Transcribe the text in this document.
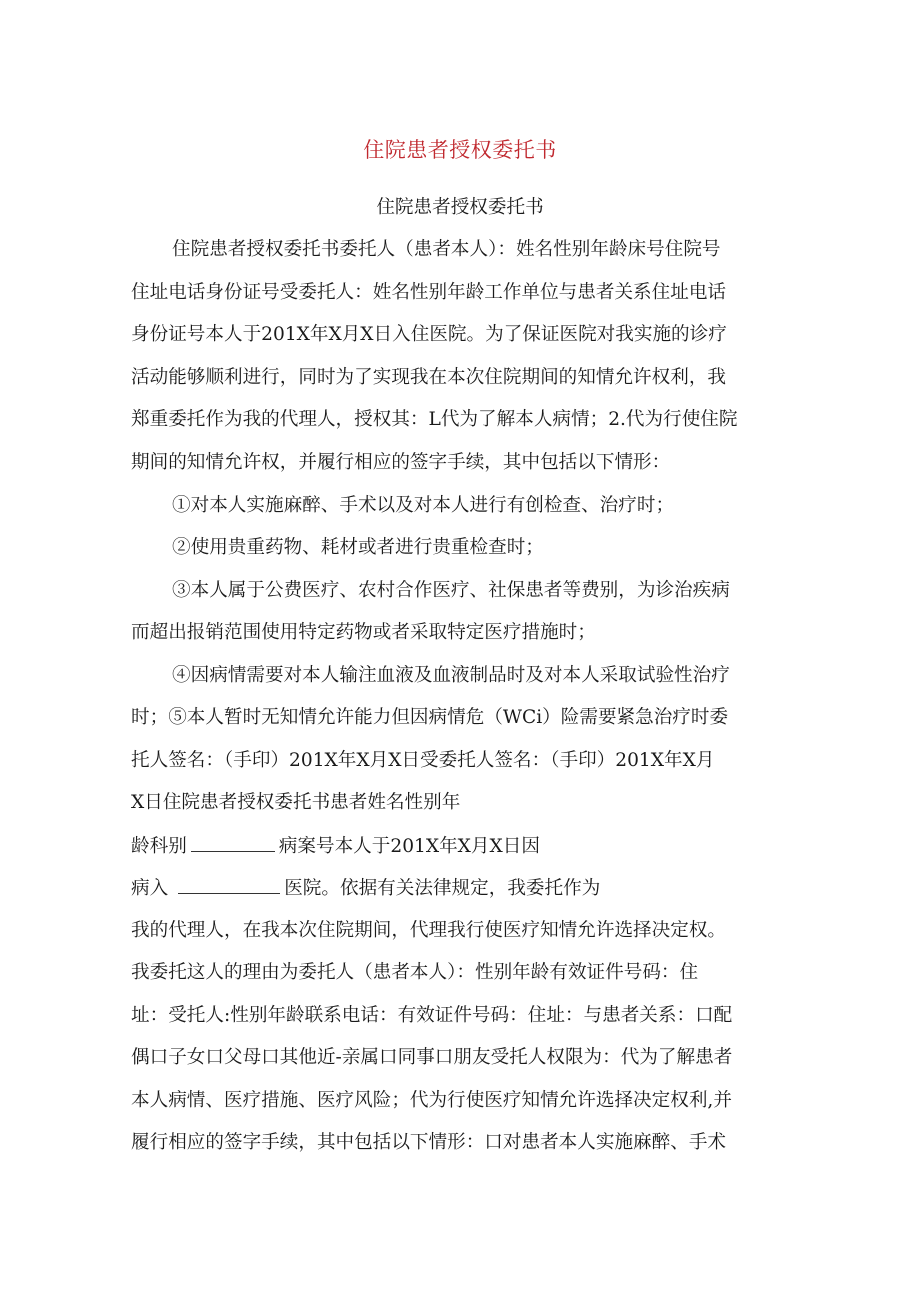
住院患者授权委托书
住院患者授权委托书
住院患者授权委托书委托人（患者本人）：姓名性别年龄床号住院号
住址电话身份证号受委托人：姓名性别年龄工作单位与患者关系住址电话
身份证号本人于201X年X月X日入住医院。为了保证医院对我实施的诊疗
活动能够顺利进行，同时为了实现我在本次住院期间的知情允许权利，我
郑重委托作为我的代理人，授权其：L代为了解本人病情；2.代为行使住院
期间的知情允许权，并履行相应的签字手续，其中包括以下情形：
①对本人实施麻醉、手术以及对本人进行有创检查、治疗时；
②使用贵重药物、耗材或者进行贵重检查时；
③本人属于公费医疗、农村合作医疗、社保患者等费别，为诊治疾病
而超出报销范围使用特定药物或者采取特定医疗措施时；
④因病情需要对本人输注血液及血液制品时及对本人采取试验性治疗
时；⑤本人暂时无知情允许能力但因病情危（WCi）险需要紧急治疗时委
托人签名：（手印）201X年X月X日受委托人签名：（手印）201X年X月
X日住院患者授权委托书患者姓名性别年
龄科别	病案号本人于201X年X月X日因
病入	医院。依据有关法律规定，我委托作为
我的代理人，在我本次住院期间，代理我行使医疗知情允许选择决定权。
我委托这人的理由为委托人（患者本人）：性别年龄有效证件号码：住
址：受托人:性别年龄联系电话：有效证件号码：住址：与患者关系：口配
偶口子女口父母口其他近-亲属口同事口朋友受托人权限为：代为了解患者
本人病情、医疗措施、医疗风险；代为行使医疗知情允许选择决定权利,并
履行相应的签字手续，其中包括以下情形：口对患者本人实施麻醉、手术
